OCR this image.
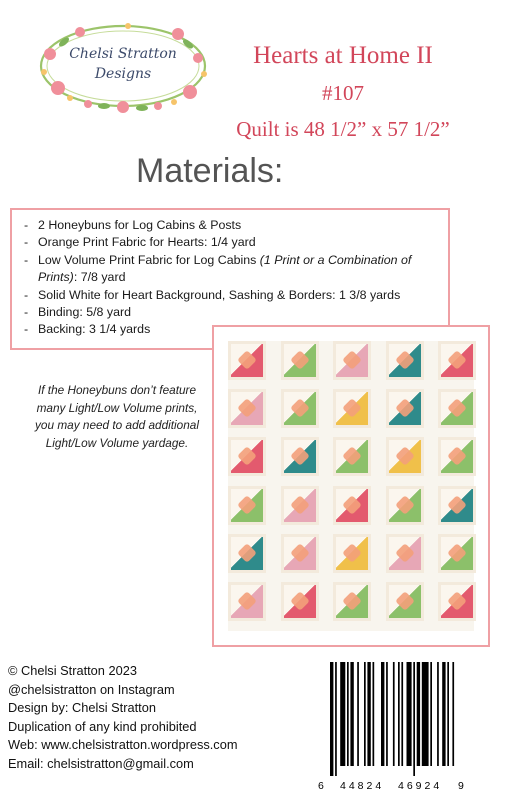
Chelsi Stratton
Designs
Hearts at Home II
#107
Quilt is 48 1/2” x 57 1/2”
Materials:
- 2 Honeybuns for Log Cabins & Posts
- Orange Print Fabric for Hearts: 1/4 yard
- Low Volume Print Fabric for Log Cabins (1 Print or a Combination of Prints): 7/8 yard
- Solid White for Heart Background, Sashing & Borders: 1 3/8 yards
- Binding: 5/8 yard
- Backing: 3 1/4 yards
If the Honeybuns don’t feature
many Light/Low Volume prints,
you may need to add additional
Light/Low Volume yardage.
© Chelsi Stratton 2023
@chelsistratton on Instagram
Design by: Chelsi Stratton
Duplication of any kind prohibited
Web: www.chelsistratton.wordpress.com
Email: chelsistratton@gmail.com
6 44824 46924 9
